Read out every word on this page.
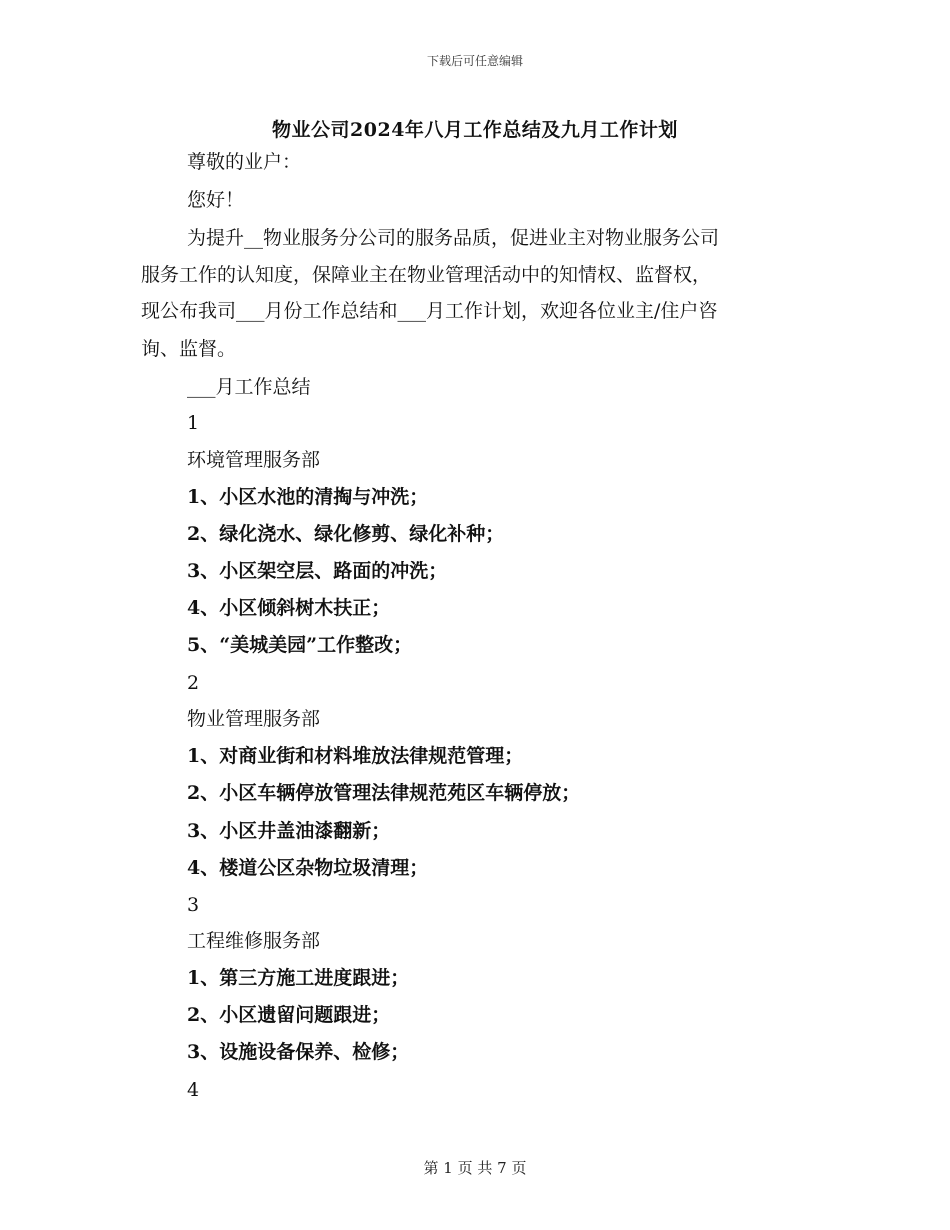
下载后可任意编辑
物业公司2024年八月工作总结及九月工作计划
尊敬的业户：
您好！
为提升__物业服务分公司的服务品质，促进业主对物业服务公司
服务工作的认知度，保障业主在物业管理活动中的知情权、监督权，
现公布我司___月份工作总结和___月工作计划，欢迎各位业主/住户咨
询、监督。
___月工作总结
1
环境管理服务部
1、小区水池的清掏与冲洗；
2、绿化浇水、绿化修剪、绿化补种；
3、小区架空层、路面的冲洗；
4、小区倾斜树木扶正；
5、“美城美园”工作整改；
2
物业管理服务部
1、对商业街和材料堆放法律规范管理；
2、小区车辆停放管理法律规范苑区车辆停放；
3、小区井盖油漆翻新；
4、楼道公区杂物垃圾清理；
3
工程维修服务部
1、第三方施工进度跟进；
2、小区遗留问题跟进；
3、设施设备保养、检修；
4
第 1 页 共 7 页
